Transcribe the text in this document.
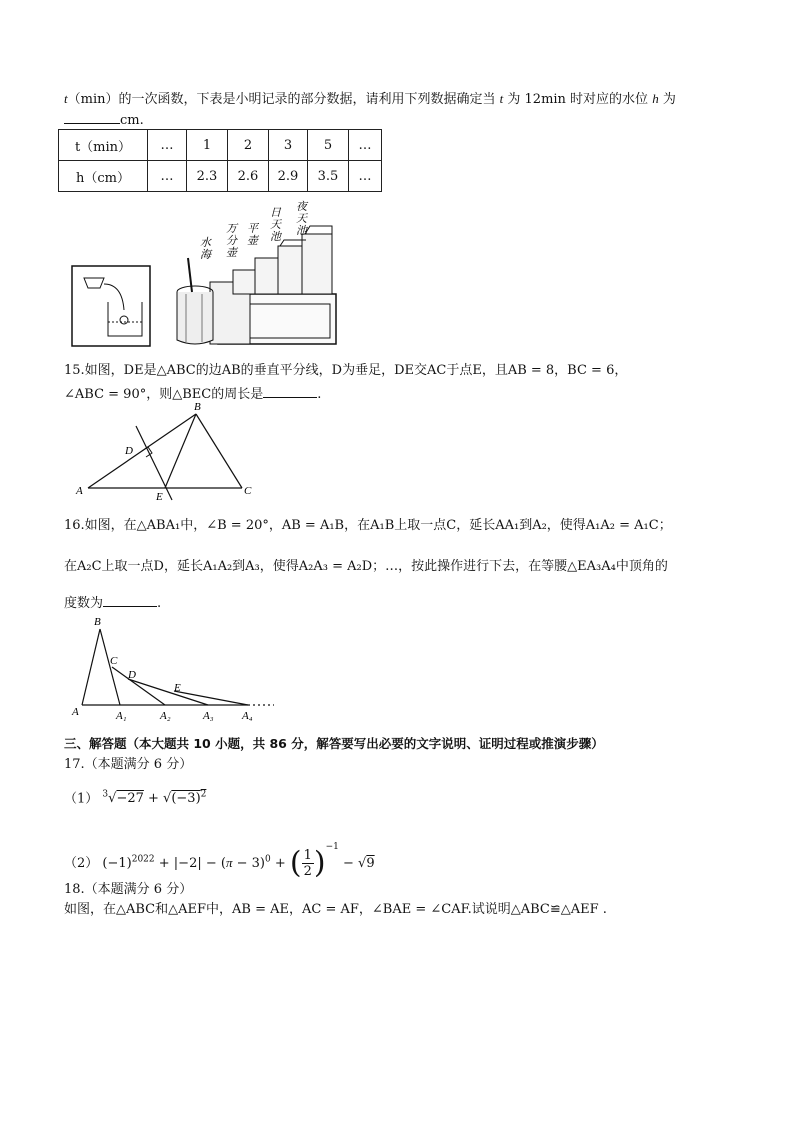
t（min）的一次函数，下表是小明记录的部分数据，请利用下列数据确定当 t 为 12min 时对应的水位 h 为
cm.
t（min）	…	1	2	3	5	…
h（cm）	…	2.3	2.6	2.9	3.5	…
夜
天
池
日
天
池
平
壶
万
分
壶
水
海
15.如图，DE是△ABC的边AB的垂直平分线，D为垂足，DE交AC于点E，且AB = 8，BC = 6，
∠ABC = 90°，则△BEC的周长是	.
B
D
A	E	C
16.如图，在△ABA₁中，∠B = 20°，AB = A₁B，在A₁B上取一点C，延长AA₁到A₂，使得A₁A₂ = A₁C；
在A₂C上取一点D，延长A₁A₂到A₃，使得A₂A₃ = A₂D；…，按此操作进行下去，在等腰△EA₃A₄中顶角的
度数为	.
B
C
D
E
A	A₁	A₂	A₃	A₄
三、解答题（本大题共 10 小题，共 86 分，解答要写出必要的文字说明、证明过程或推演步骤）
17.（本题满分 6 分）
（1） $^3√-27 + √(-3)^2$
（2） $(-1)^{2022} + |-2| - (\pi - 3)^0$ + ( $\frac{1}{2})^{-1} - √9$
18.（本题满分 6 分）
如图，在△ABC和△AEF中，AB = AE，AC = AF，∠BAE = ∠CAF.试说明△ABC≌△AEF .
